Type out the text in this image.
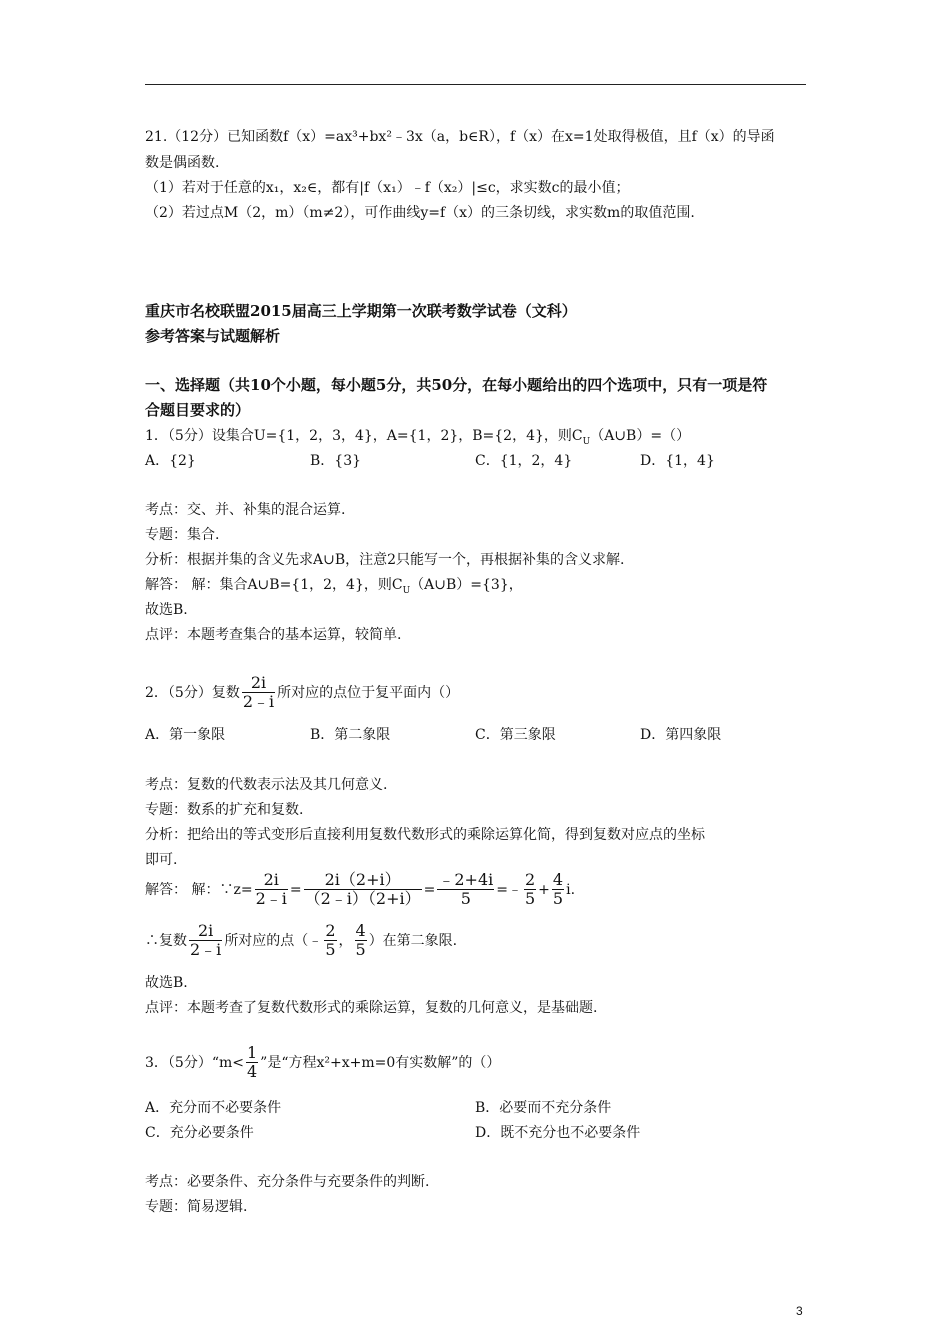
21.（12分）已知函数f（x）=ax³+bx²﹣3x（a，b∈R），f（x）在x=1处取得极值，且f（x）的导函
数是偶函数.
（1）若对于任意的x₁，x₂∈，都有|f（x₁）﹣f（x₂）|≤c，求实数c的最小值；
（2）若过点M（2，m）（m≠2），可作曲线y=f（x）的三条切线，求实数m的取值范围.
重庆市名校联盟2015届高三上学期第一次联考数学试卷（文科）
参考答案与试题解析
一、选择题（共10个小题，每小题5分，共50分，在每小题给出的四个选项中，只有一项是符
合题目要求的）
1．（5分）设集合U={1，2，3，4}，A={1，2}，B={2，4}，则$C_U(A\cup B)=()$
A．{2}	B．{3}	C．{1，2，4}	D．{1，4}
考点：交、并、补集的混合运算.
专题：集合.
分析：根据并集的含义先求A∪B，注意2只能写一个，再根据补集的含义求解.
解答： 解：集合A∪B={1，2，4}，则$C_U(A\cup B)=\{3\}$，
故选B.
点评：本题考查集合的基本运算，较简单.
2．（5分）复数 $\frac{2i}{2﹣i}$ 所对应的点位于复平面内（）
A．第一象限	B．第二象限	C．第三象限	D．第四象限
考点：复数的代数表示法及其几何意义.
专题：数系的扩充和复数.
分析：把给出的等式变形后直接利用复数代数形式的乘除运算化简，得到复数对应点的坐标
即可.
解答： 解：∵z= $\frac{2i}{2﹣i} = \frac{2i(2+i)}{(2﹣i)(2+i)} = \frac{﹣2+4i}{5}$ =﹣ $\frac{2}{5} + \frac{4}{5} i$.
∴复数 $\frac{2i}{2﹣i}$ 所对应的点（﹣ $\frac{2}{5}$ ， $\frac{4}{5}$ ）在第二象限.
故选B.
点评：本题考查了复数代数形式的乘除运算，复数的几何意义，是基础题.
3．（5分）“m< $\frac{1}{4}$ ”是“方程x²+x+m=0有实数解”的（）
A．充分而不必要条件	B．必要而不充分条件
C．充分必要条件	D．既不充分也不必要条件
考点：必要条件、充分条件与充要条件的判断.
专题：简易逻辑.
3
